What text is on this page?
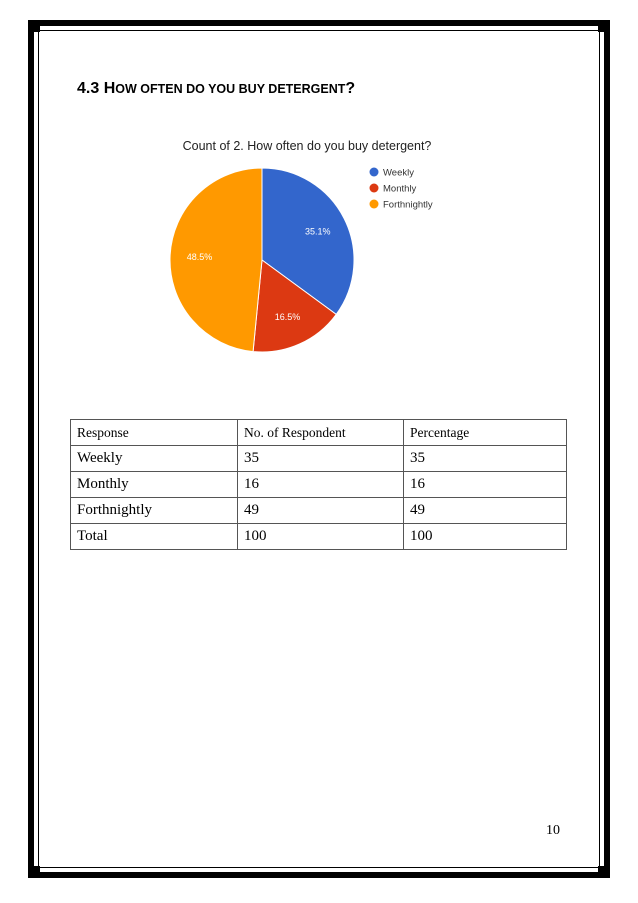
4.3 HOW OFTEN DO YOU BUY DETERGENT?
Count of 2. How often do you buy detergent?
35.1%
16.5%
48.5%
Weekly
Monthly
Forthnightly
Response	No. of Respondent	Percentage
Weekly	35	35
Monthly	16	16
Forthnightly	49	49
Total	100	100
10
